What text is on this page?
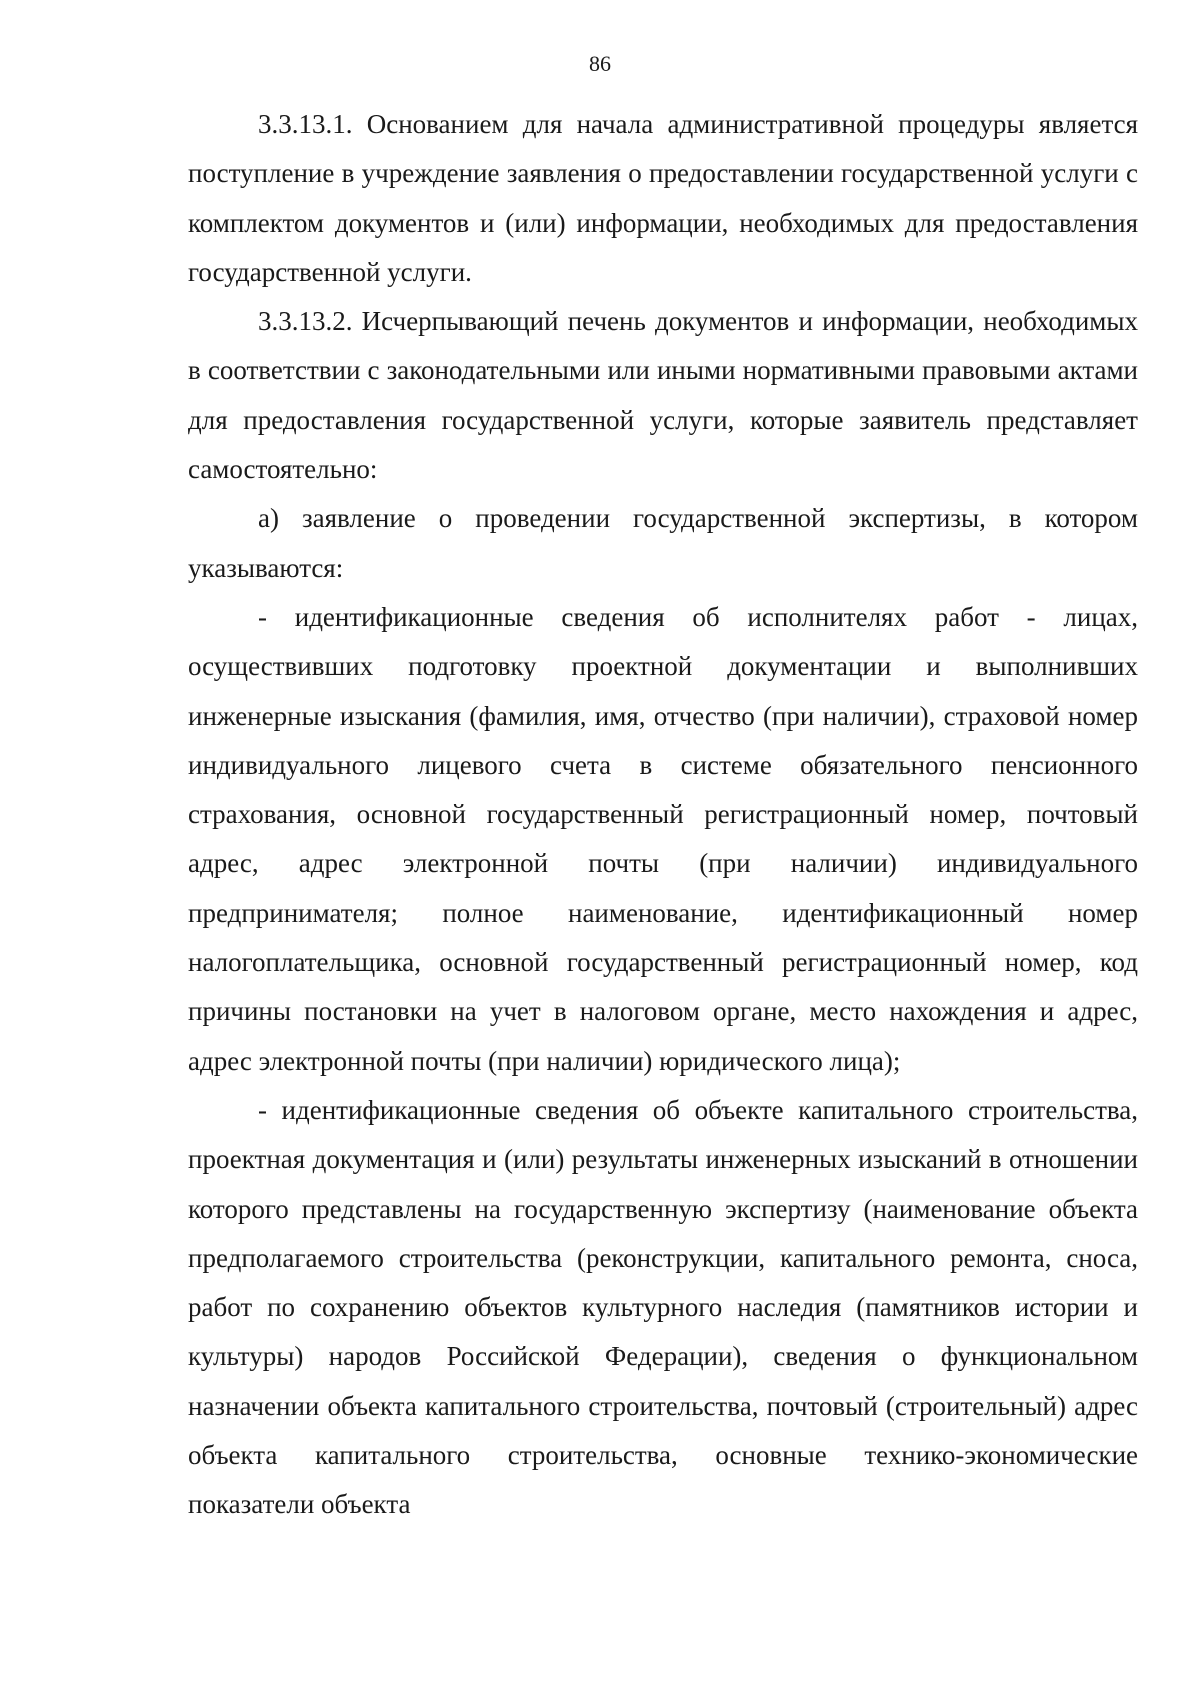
86

3.3.13.1. Основанием для начала административной процедуры является поступление в учреждение заявления о предоставлении государственной услуги с комплектом документов и (или) информации, необходимых для предоставления государственной услуги.

3.3.13.2. Исчерпывающий печень документов и информации, необходимых в соответствии с законодательными или иными нормативными правовыми актами для предоставления государственной услуги, которые заявитель представляет самостоятельно:

а) заявление о проведении государственной экспертизы, в котором указываются:

- идентификационные сведения об исполнителях работ - лицах, осуществивших подготовку проектной документации и выполнивших инженерные изыскания (фамилия, имя, отчество (при наличии), страховой номер индивидуального лицевого счета в системе обязательного пенсионного страхования, основной государственный регистрационный номер, почтовый адрес, адрес электронной почты (при наличии) индивидуального предпринимателя; полное наименование, идентификационный номер налогоплательщика, основной государственный регистрационный номер, код причины постановки на учет в налоговом органе, место нахождения и адрес, адрес электронной почты (при наличии) юридического лица);

- идентификационные сведения об объекте капитального строительства, проектная документация и (или) результаты инженерных изысканий в отношении которого представлены на государственную экспертизу (наименование объекта предполагаемого строительства (реконструкции, капитального ремонта, сноса, работ по сохранению объектов культурного наследия (памятников истории и культуры) народов Российской Федерации), сведения о функциональном назначении объекта капитального строительства, почтовый (строительный) адрес объекта капитального строительства, основные технико-экономические показатели объекта
